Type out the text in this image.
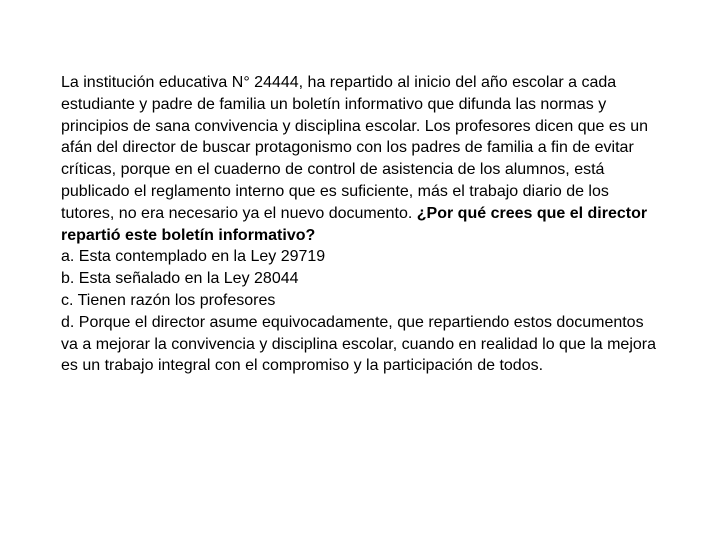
La institución educativa N° 24444, ha repartido al inicio del año escolar a cada estudiante y padre de familia un boletín informativo que difunda las normas y principios de sana convivencia y disciplina escolar. Los profesores dicen que es un afán del director de buscar protagonismo con los padres de familia a fin de evitar críticas, porque en el cuaderno de control de asistencia de los alumnos, está publicado el reglamento interno que es suficiente, más el trabajo diario de los tutores, no era necesario ya el nuevo documento. ¿Por qué crees que el director repartió este boletín informativo?

a. Esta contemplado en la Ley 29719

b. Esta señalado en la Ley 28044

c. Tienen razón los profesores

d. Porque el director asume equivocadamente, que repartiendo estos documentos va a mejorar la convivencia y disciplina escolar, cuando en realidad lo que la mejora es un trabajo integral con el compromiso y la participación de todos.
